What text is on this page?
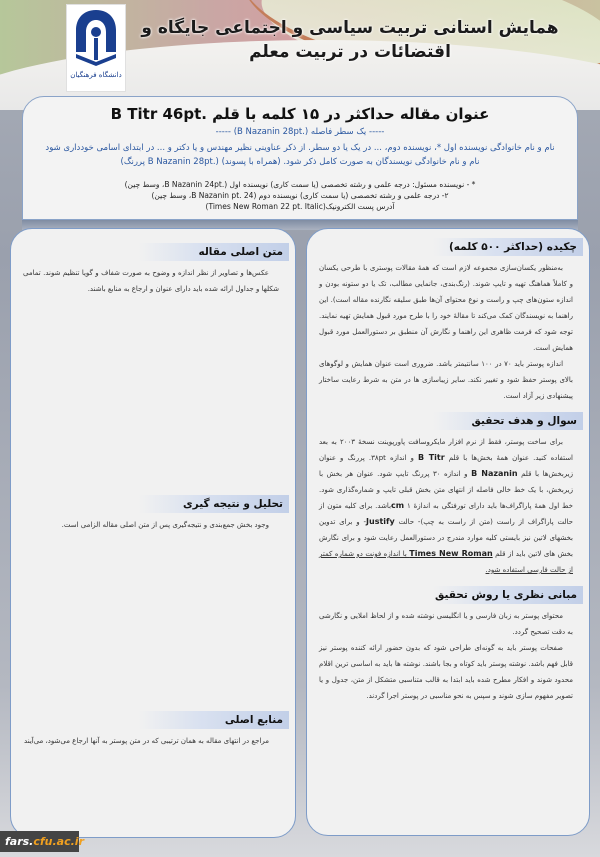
دانشگاه فرهنگیان
همایش استانی تربیت سیاسی و اجتماعی جایگاه و
اقتضائات در تربیت معلم
عنوان مقاله حداکثر در ۱۵ کلمه با قلم .B Titr 46pt
----- یک سطر فاصله (.B Nazanin 28pt) -----
نام و نام خانوادگی نویسنده اول *، نویسنده دوم، ... در یک یا دو سطر. از ذکر عناوینی نظیر مهندس و یا دکتر و ... در ابتدای اسامی خودداری شود
نام و نام خانوادگی نویسندگان به صورت کامل ذکر شود. (همراه با پسوند) (.B Nazanin 28pt پررنگ)
* - نویسنده مسئول: درجه علمی و رشته تخصصی (یا سمت کاری) نویسنده اول (.B Nazanin 24pt، وسط چین)
۲- درجه علمی و رشته تخصصی (یا سمت کاری) نویسنده دوم (B Nazanin pt. 24، وسط چین)
آدرس پست الکترونیک(Times New Roman 22 pt. Italic)
چکیده (حداکثر ۵۰۰ کلمه)

به‌منظور یکسان‌سازی مجموعه لازم است که همهٔ مقالات پوستری با طرحی یکسان و کاملاً هماهنگ تهیه و تایپ شوند. (رنگ‌بندی، جانمایی مطالب، تک یا دو ستونه بودن و اندازه ستون‌های چپ و راست و نوع محتوای آن‌ها طبق سلیقه نگارنده مقاله است). این راهنما به نویسندگان کمک می‌کند تا مقالهٔ خود را با طرح مورد قبول همایش تهیه نمایند. توجه شود که فرمت ظاهری این راهنما و نگارش آن منطبق بر دستورالعمل مورد قبول همایش است.

اندازه پوستر باید ۷۰ در ۱۰۰ سانتیمتر باشد. ضروری است عنوان همایش و لوگوهای بالای پوستر حفظ شود و تغییر نکند. سایر زیباسازی ها در متن به شرط رعایت ساختار پیشنهادی زیر آزاد است.

سوال و هدف تحقیق

برای ساخت پوستر، فقط از نرم افزار مایکروسافت پاورپوینت نسخهٔ ۲۰۰۳ به بعد استفاده کنید. عنوان همهٔ بخش‌ها با قلم B Titr و اندازه ۳۸pt. پررنگ و عنوان زیربخش‌ها با قلم B Nazanin و اندازه ۳۰ پررنگ تایپ شود. عنوان هر بخش با زیربخش، با یک خط خالی فاصله از انتهای متن بخش قبلی تایپ و شماره‌گذاری شود. خط اول همهٔ پاراگراف‌ها باید دارای تورفتگی به اندازهٔ cm ۱باشد. برای کلیه متون از حالت پاراگراف از راست (متن از راست به چپ)- حالت Justify- و برای تدوین بخشهای لاتین نیز بایستی کلیه موارد مندرج در دستورالعمل رعایت شود و برای نگارش بخش های لاتین باید از قلم Times New Roman با اندازه فونت دو شماره کمتر از حالت فارسی استفاده شود.

مبانی نظری یا روش تحقیق

محتوای پوستر به زبان فارسی و یا انگلیسی نوشته شده و از لحاظ املایی و نگارشی به دقت تصحیح گردد.

صفحات پوستر باید به گونه‌ای طراحی شود که بدون حضور ارائه کننده پوستر نیز قابل فهم باشد. نوشته پوستر باید کوتاه و بجا باشند. نوشته ها باید به اساسی ترین اقلام محدود شوند و افکار مطرح شده باید ابتدا به قالب متناسبی متشکل از متن، جدول و یا تصویر مفهوم سازی شوند و سپس به نحو مناسبی در پوستر اجرا گردند.

متن اصلی مقاله

عکس‌ها و تصاویر از نظر اندازه و وضوح به صورت شفاف و گویا تنظیم شوند. تمامی شکلها و جداول ارائه شده باید دارای عنوان و ارجاع به منابع باشند.

تحلیل و نتیجه گیری

وجود بخش جمع‌بندی و نتیجه‌گیری پس از متن اصلی مقاله الزامی است.

منابع اصلی

مراجع در انتهای مقاله به همان ترتیبی که در متن پوستر به آنها ارجاع می‌شود، می‌آیند

fars.cfu.ac.ir
